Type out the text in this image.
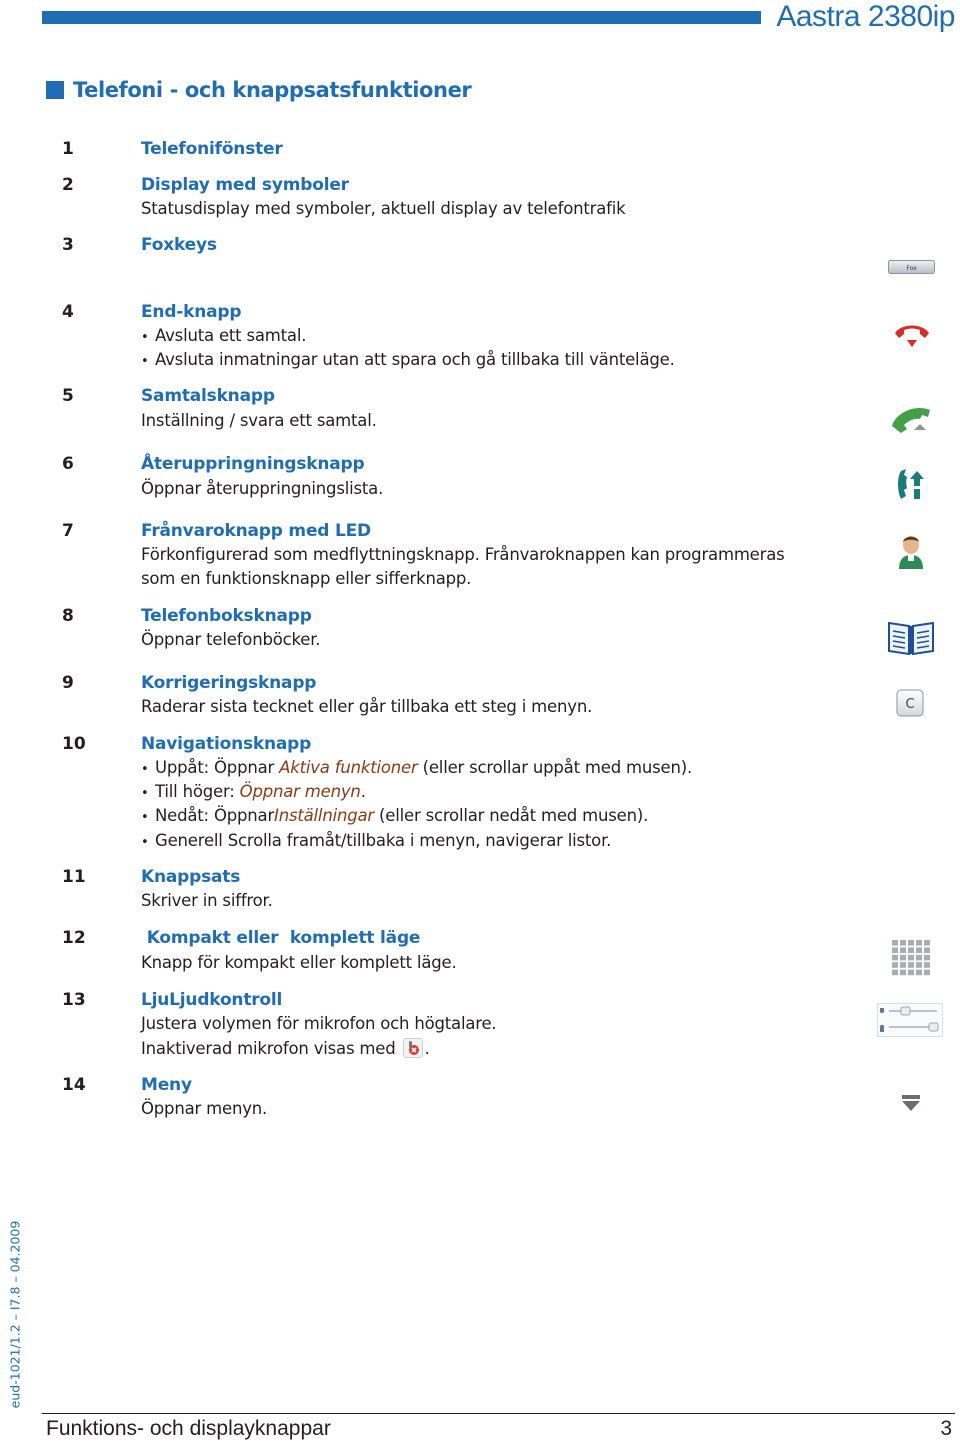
Aastra 2380ip
Telefoni - och knappsatsfunktioner
1	Telefonifönster
2	Display med symboler
Statusdisplay med symboler, aktuell display av telefontrafik
3	Foxkeys
4	End-knapp
• Avsluta ett samtal.
• Avsluta inmatningar utan att spara och gå tillbaka till vänteläge.
5	Samtalsknapp
Inställning / svara ett samtal.
6	Återuppringningsknapp
Öppnar återuppringningslista.
7	Frånvaroknapp med LED
Förkonfigurerad som medflyttningsknapp. Frånvaroknappen kan programmeras
som en funktionsknapp eller sifferknapp.
8	Telefonboksknapp
Öppnar telefonböcker.
9	Korrigeringsknapp
Raderar sista tecknet eller går tillbaka ett steg i menyn.
10	Navigationsknapp
• Uppåt: Öppnar Aktiva funktioner (eller scrollar uppåt med musen).
• Till höger: Öppnar menyn.
• Nedåt: ÖppnarInställningar (eller scrollar nedåt med musen).
• Generell Scrolla framåt/tillbaka i menyn, navigerar listor.
11	Knappsats
Skriver in siffror.
12	Kompakt eller  komplett läge
Knapp för kompakt eller komplett läge.
13	LjuLjudkontroll
Justera volymen för mikrofon och högtalare.
Inaktiverad mikrofon visas med .
14	Meny
Öppnar menyn.
Fox
C
eud-1021/1.2 – I7.8 – 04.2009
Funktions- och displayknappar	3
